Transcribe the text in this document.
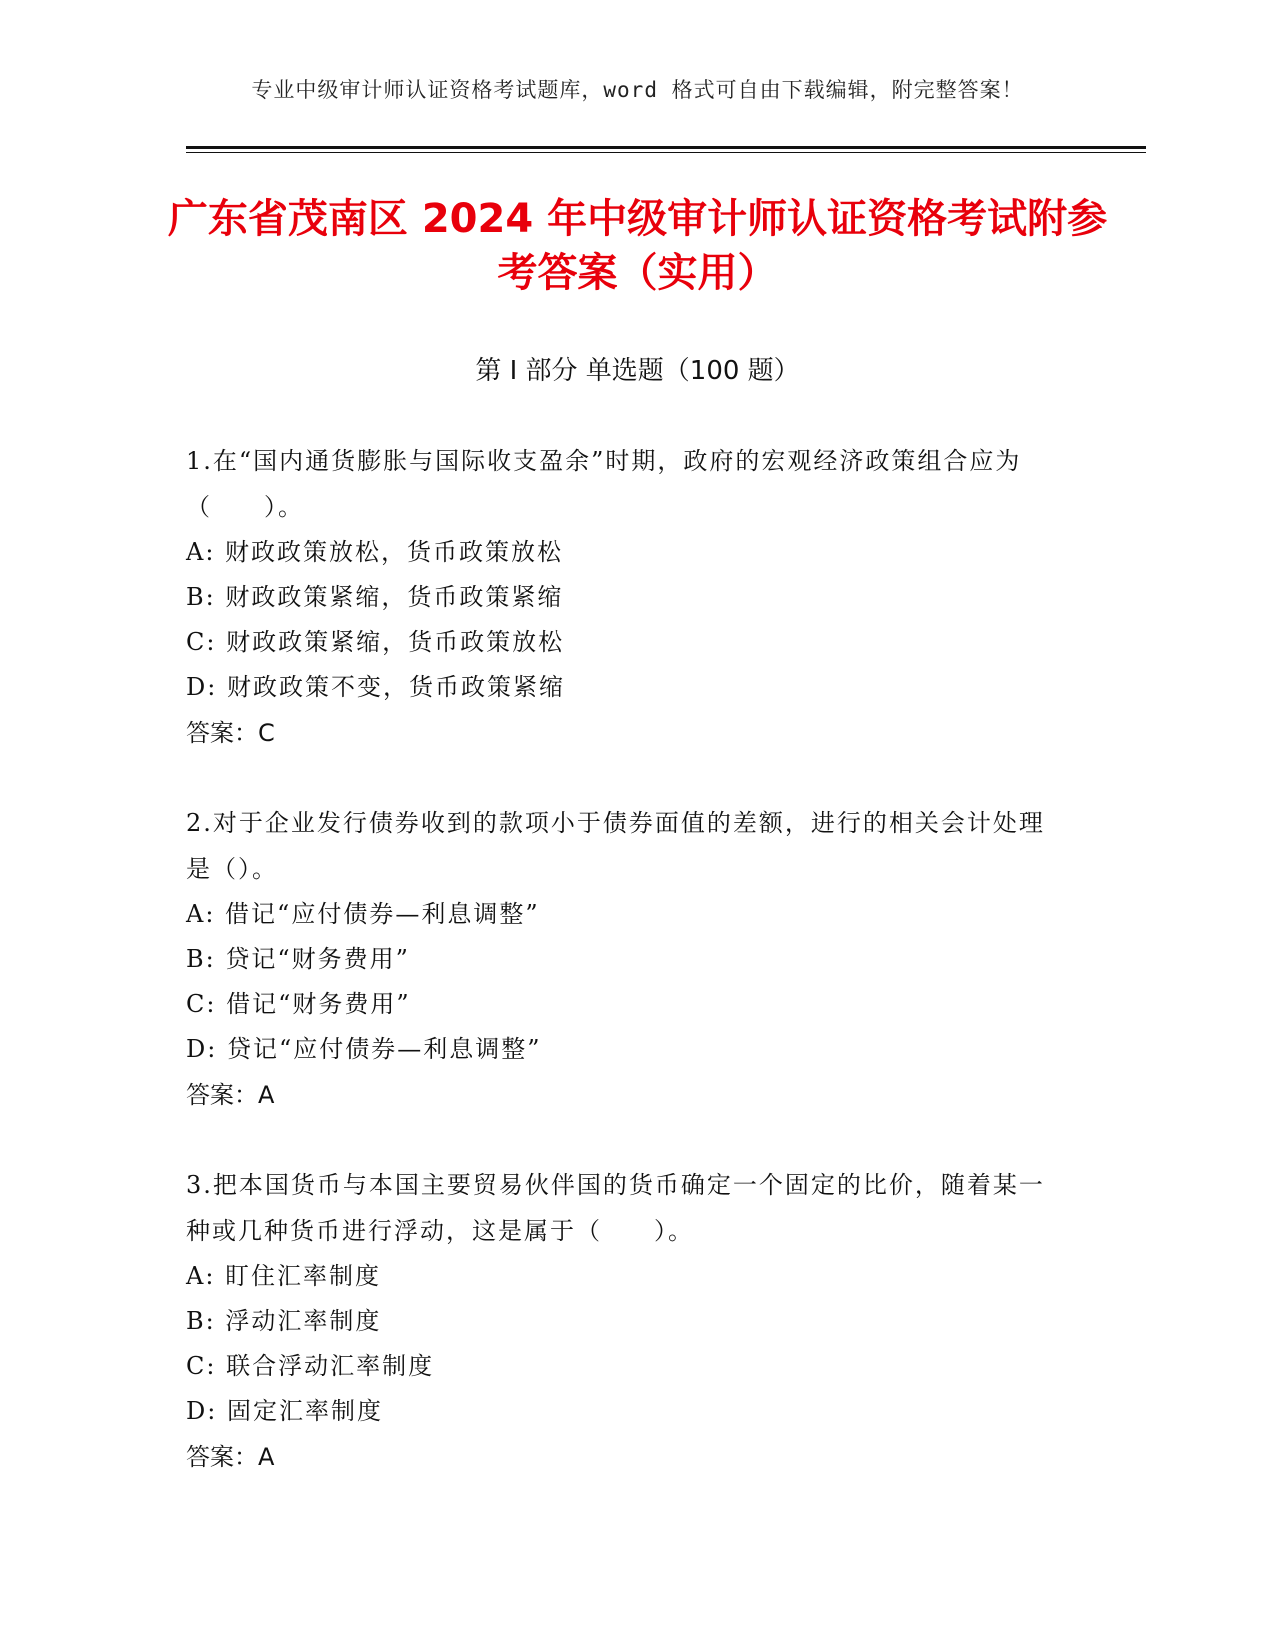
专业中级审计师认证资格考试题库，word 格式可自由下载编辑，附完整答案！
广东省茂南区 2024 年中级审计师认证资格考试附参考答案（实用）
第 I 部分 单选题（100 题）
1.在“国内通货膨胀与国际收支盈余”时期，政府的宏观经济政策组合应为（　　）。
A: 财政政策放松，货币政策放松
B: 财政政策紧缩，货币政策紧缩
C: 财政政策紧缩，货币政策放松
D: 财政政策不变，货币政策紧缩
答案：C
2.对于企业发行债券收到的款项小于债券面值的差额，进行的相关会计处理是（）。
A: 借记“应付债券—利息调整”
B: 贷记“财务费用”
C: 借记“财务费用”
D: 贷记“应付债券—利息调整”
答案：A
3.把本国货币与本国主要贸易伙伴国的货币确定一个固定的比价，随着某一种或几种货币进行浮动，这是属于（　　）。
A: 盯住汇率制度
B: 浮动汇率制度
C: 联合浮动汇率制度
D: 固定汇率制度
答案：A
